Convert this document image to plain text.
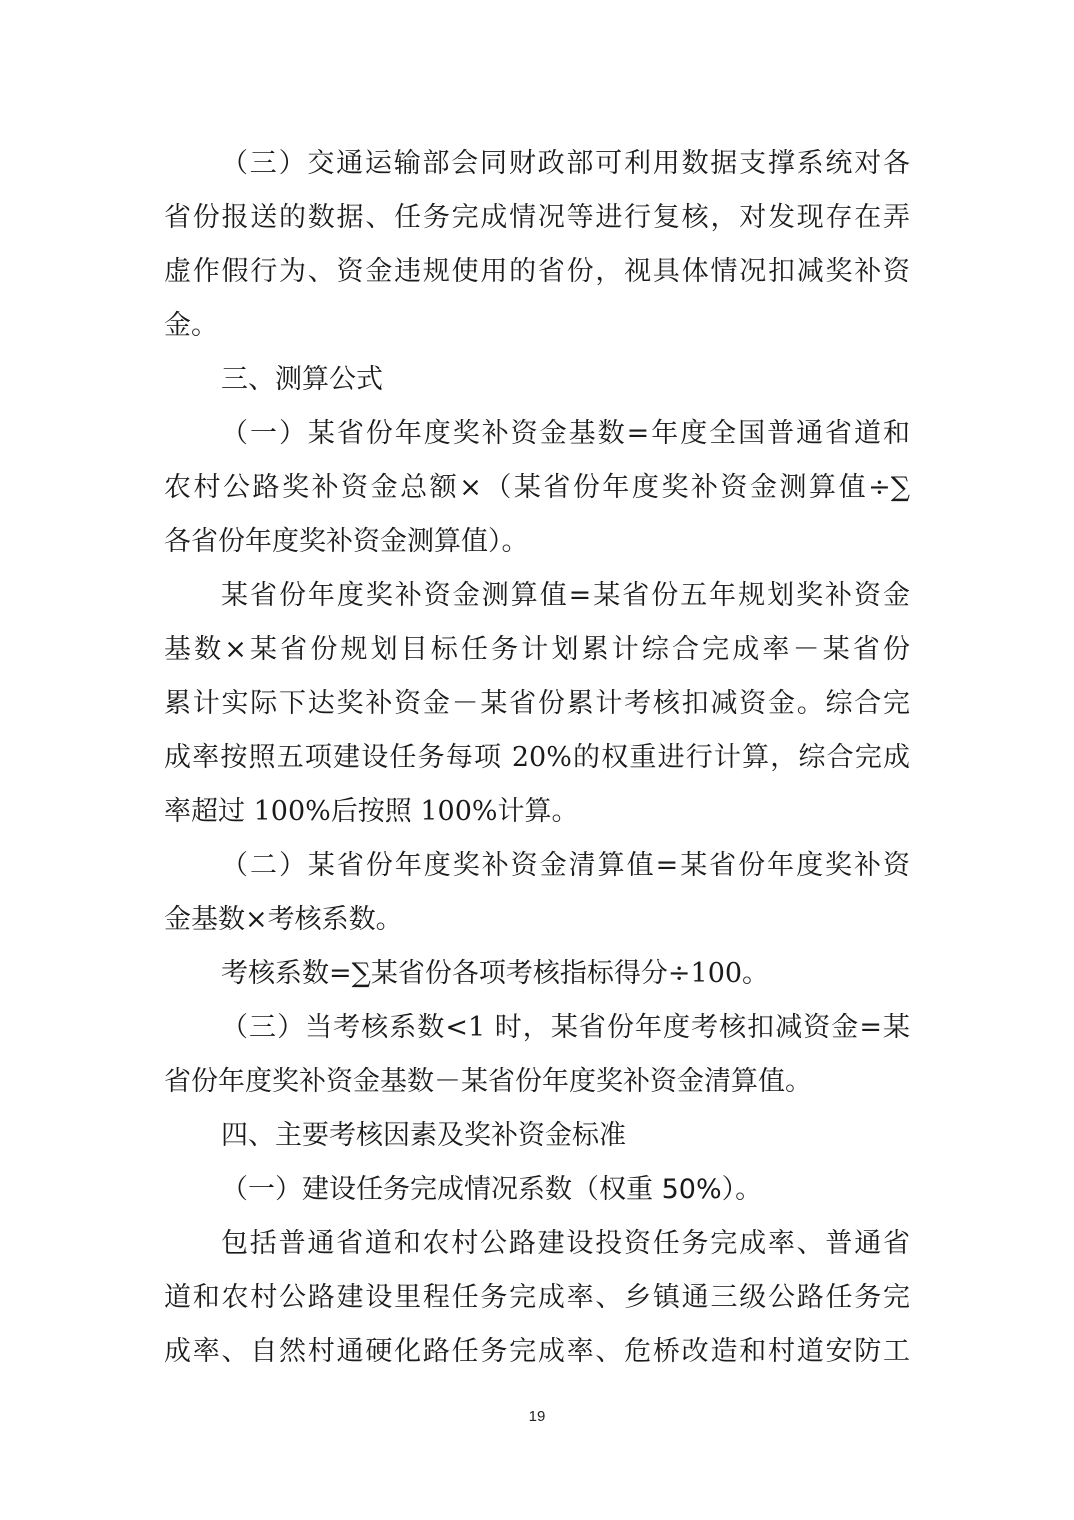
（三）交通运输部会同财政部可利用数据支撑系统对各
省份报送的数据、任务完成情况等进行复核，对发现存在弄
虚作假行为、资金违规使用的省份，视具体情况扣减奖补资
金。
三、测算公式
（一）某省份年度奖补资金基数=年度全国普通省道和
农村公路奖补资金总额×（某省份年度奖补资金测算值÷∑
各省份年度奖补资金测算值）。
某省份年度奖补资金测算值=某省份五年规划奖补资金
基数×某省份规划目标任务计划累计综合完成率－某省份
累计实际下达奖补资金－某省份累计考核扣减资金。综合完
成率按照五项建设任务每项 20%的权重进行计算，综合完成
率超过 100%后按照 100%计算。
（二）某省份年度奖补资金清算值=某省份年度奖补资
金基数×考核系数。
考核系数=∑某省份各项考核指标得分÷100。
（三）当考核系数<1 时，某省份年度考核扣减资金=某
省份年度奖补资金基数－某省份年度奖补资金清算值。
四、主要考核因素及奖补资金标准
（一）建设任务完成情况系数（权重 50%）。
包括普通省道和农村公路建设投资任务完成率、普通省
道和农村公路建设里程任务完成率、乡镇通三级公路任务完
成率、自然村通硬化路任务完成率、危桥改造和村道安防工
19
